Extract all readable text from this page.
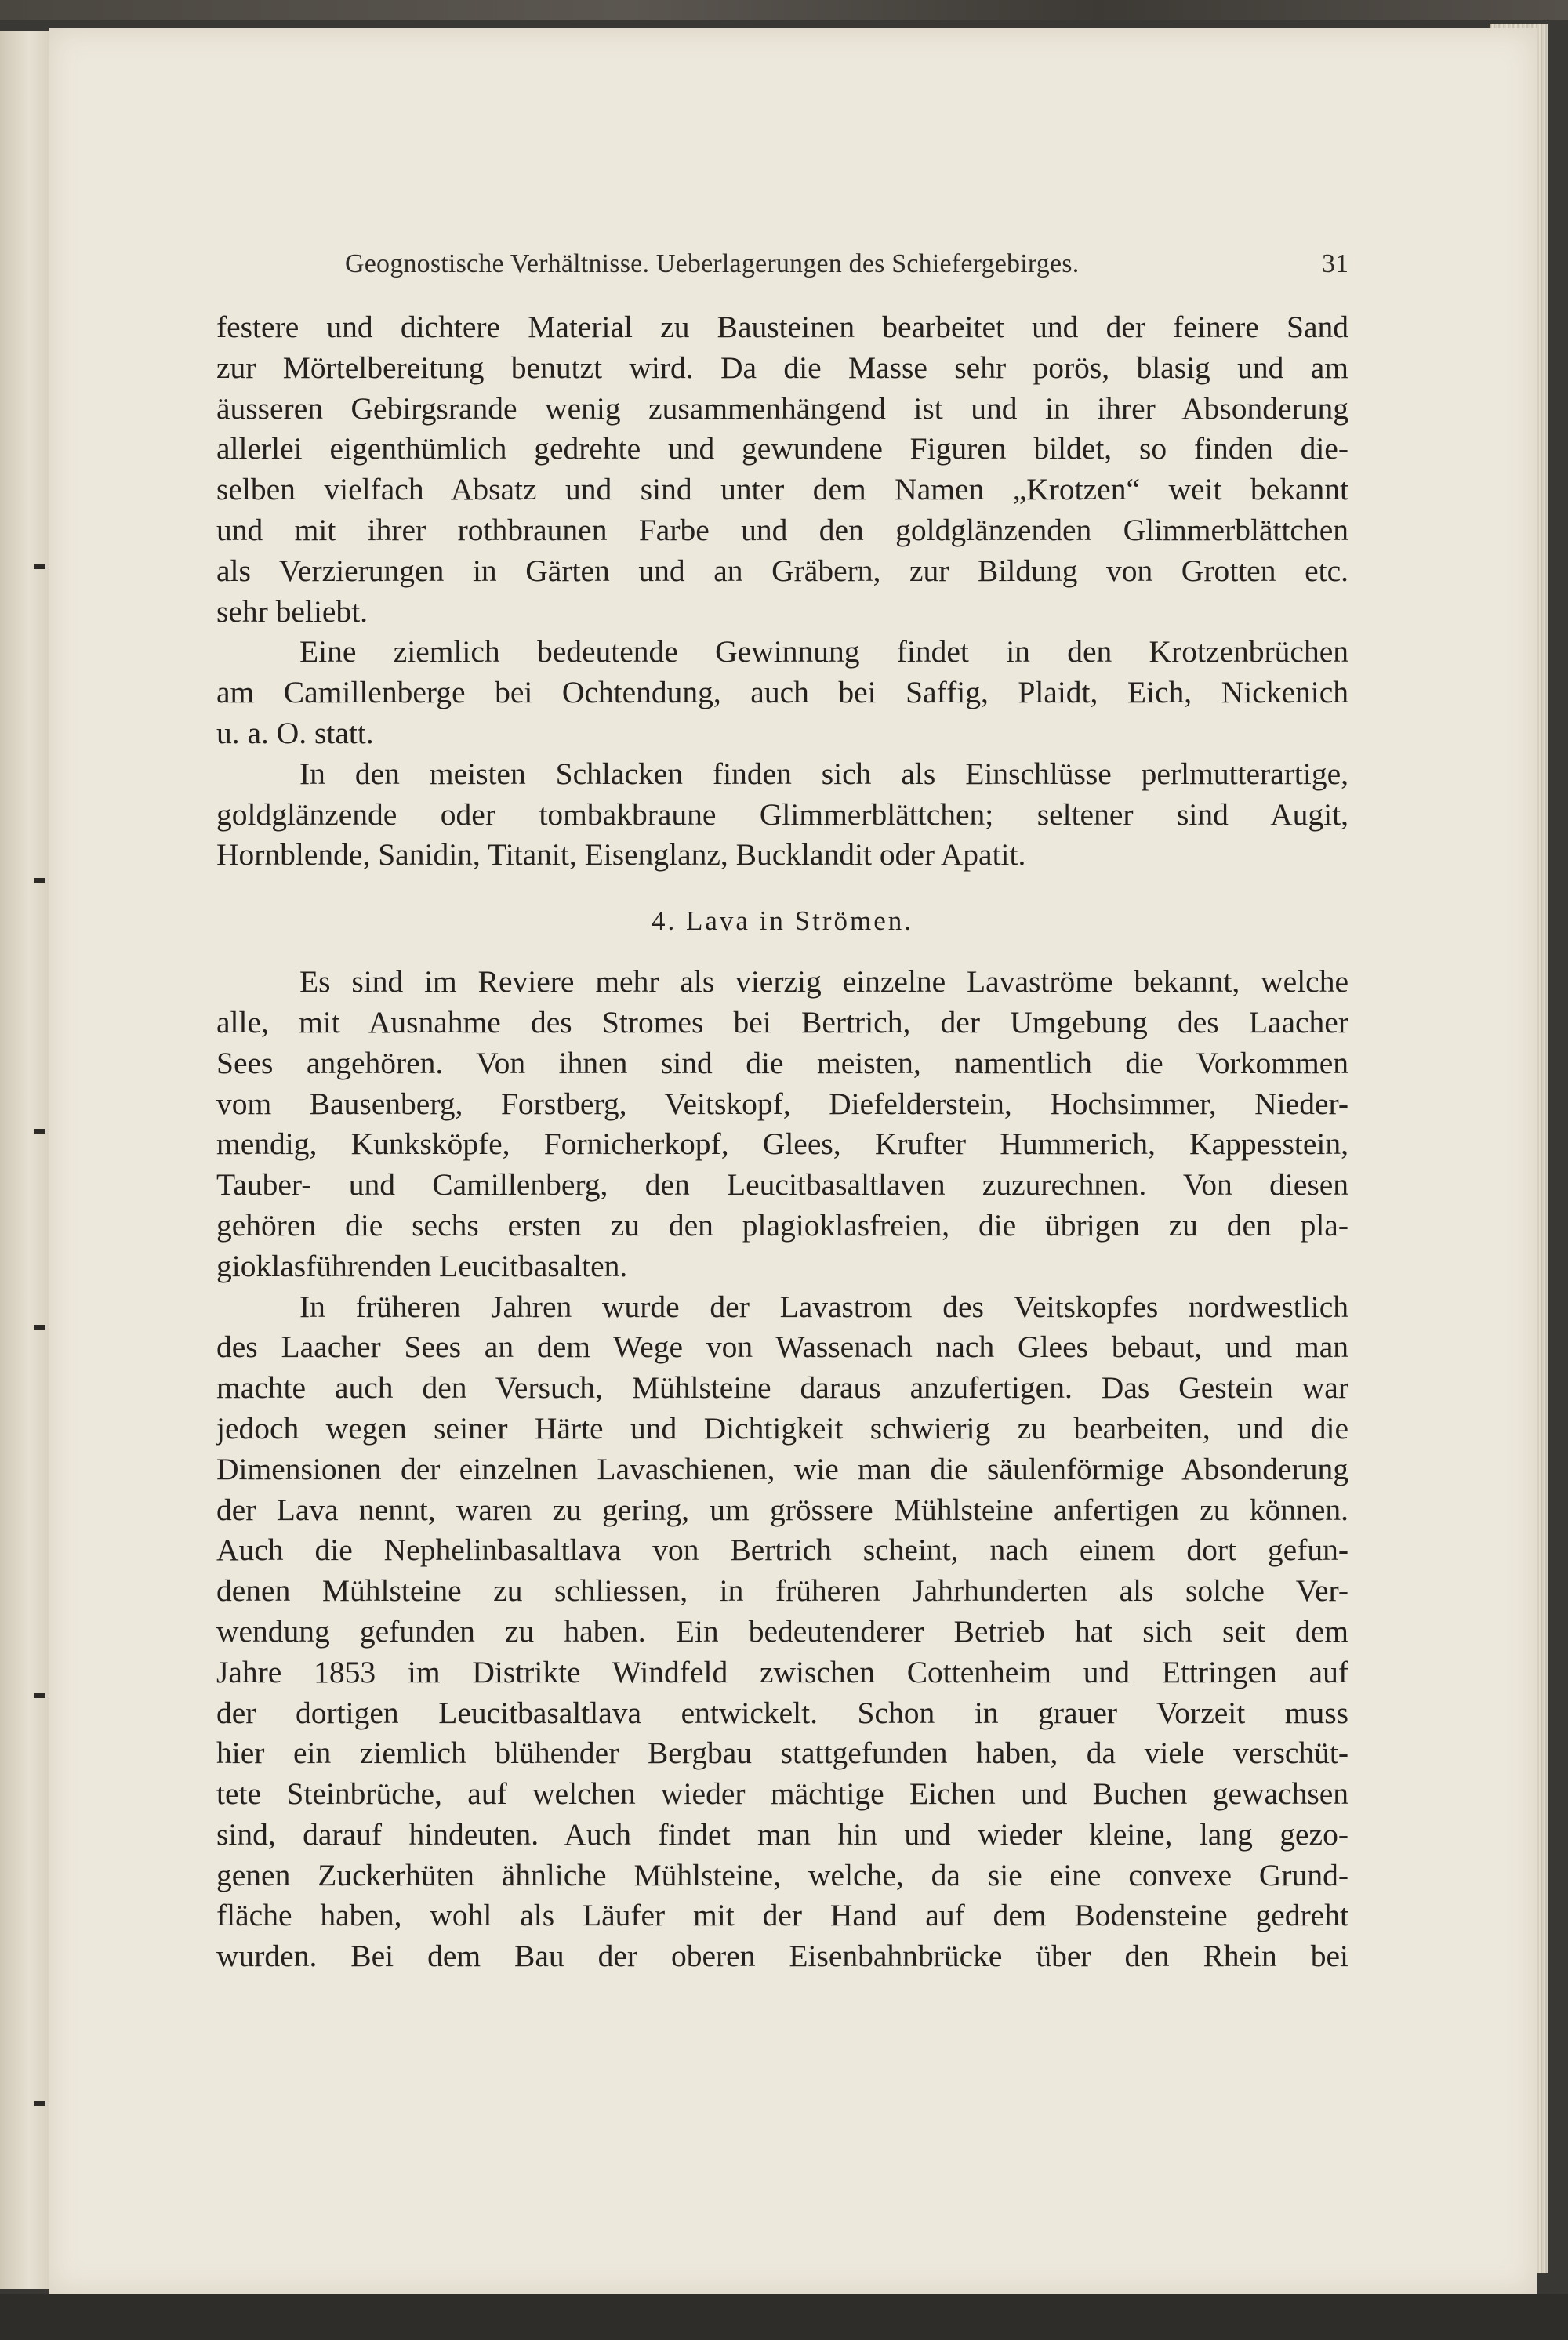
Geognostische Verhältnisse. Ueberlagerungen des Schiefergebirges.	31
festere und dichtere Material zu Bausteinen bearbeitet und der feinere Sand
zur Mörtelbereitung benutzt wird. Da die Masse sehr porös, blasig und am
äusseren Gebirgsrande wenig zusammenhängend ist und in ihrer Absonderung
allerlei eigenthümlich gedrehte und gewundene Figuren bildet, so finden die-
selben vielfach Absatz und sind unter dem Namen „Krotzen“ weit bekannt
und mit ihrer rothbraunen Farbe und den goldglänzenden Glimmerblättchen
als Verzierungen in Gärten und an Gräbern, zur Bildung von Grotten etc.
sehr beliebt.
Eine ziemlich bedeutende Gewinnung findet in den Krotzenbrüchen
am Camillenberge bei Ochtendung, auch bei Saffig, Plaidt, Eich, Nickenich
u. a. O. statt.
In den meisten Schlacken finden sich als Einschlüsse perlmutterartige,
goldglänzende oder tombakbraune Glimmerblättchen; seltener sind Augit,
Hornblende, Sanidin, Titanit, Eisenglanz, Bucklandit oder Apatit.
4. Lava in Strömen.
Es sind im Reviere mehr als vierzig einzelne Lavaströme bekannt, welche
alle, mit Ausnahme des Stromes bei Bertrich, der Umgebung des Laacher
Sees angehören. Von ihnen sind die meisten, namentlich die Vorkommen
vom Bausenberg, Forstberg, Veitskopf, Diefelderstein, Hochsimmer, Nieder-
mendig, Kunksköpfe, Fornicherkopf, Glees, Krufter Hummerich, Kappesstein,
Tauber- und Camillenberg, den Leucitbasaltlaven zuzurechnen. Von diesen
gehören die sechs ersten zu den plagioklasfreien, die übrigen zu den pla-
gioklasführenden Leucitbasalten.
In früheren Jahren wurde der Lavastrom des Veitskopfes nordwestlich
des Laacher Sees an dem Wege von Wassenach nach Glees bebaut, und man
machte auch den Versuch, Mühlsteine daraus anzufertigen. Das Gestein war
jedoch wegen seiner Härte und Dichtigkeit schwierig zu bearbeiten, und die
Dimensionen der einzelnen Lavaschienen, wie man die säulenförmige Absonderung
der Lava nennt, waren zu gering, um grössere Mühlsteine anfertigen zu können.
Auch die Nephelinbasaltlava von Bertrich scheint, nach einem dort gefun-
denen Mühlsteine zu schliessen, in früheren Jahrhunderten als solche Ver-
wendung gefunden zu haben. Ein bedeutenderer Betrieb hat sich seit dem
Jahre 1853 im Distrikte Windfeld zwischen Cottenheim und Ettringen auf
der dortigen Leucitbasaltlava entwickelt. Schon in grauer Vorzeit muss
hier ein ziemlich blühender Bergbau stattgefunden haben, da viele verschüt-
tete Steinbrüche, auf welchen wieder mächtige Eichen und Buchen gewachsen
sind, darauf hindeuten. Auch findet man hin und wieder kleine, lang gezo-
genen Zuckerhüten ähnliche Mühlsteine, welche, da sie eine convexe Grund-
fläche haben, wohl als Läufer mit der Hand auf dem Bodensteine gedreht
wurden. Bei dem Bau der oberen Eisenbahnbrücke über den Rhein bei
